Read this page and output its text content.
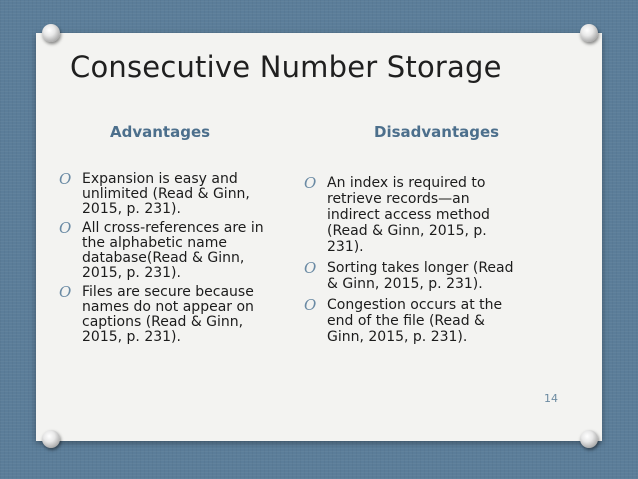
Consecutive Number Storage
Advantages	Disadvantages
O Expansion is easy and unlimited (Read & Ginn, 2015, p. 231).
O All cross-references are in the alphabetic name database(Read & Ginn, 2015, p. 231).
O Files are secure because names do not appear on captions (Read & Ginn, 2015, p. 231).
O An index is required to retrieve records—an indirect access method (Read & Ginn, 2015, p. 231).
O Sorting takes longer (Read & Ginn, 2015, p. 231).
O Congestion occurs at the end of the file (Read & Ginn, 2015, p. 231).
14
